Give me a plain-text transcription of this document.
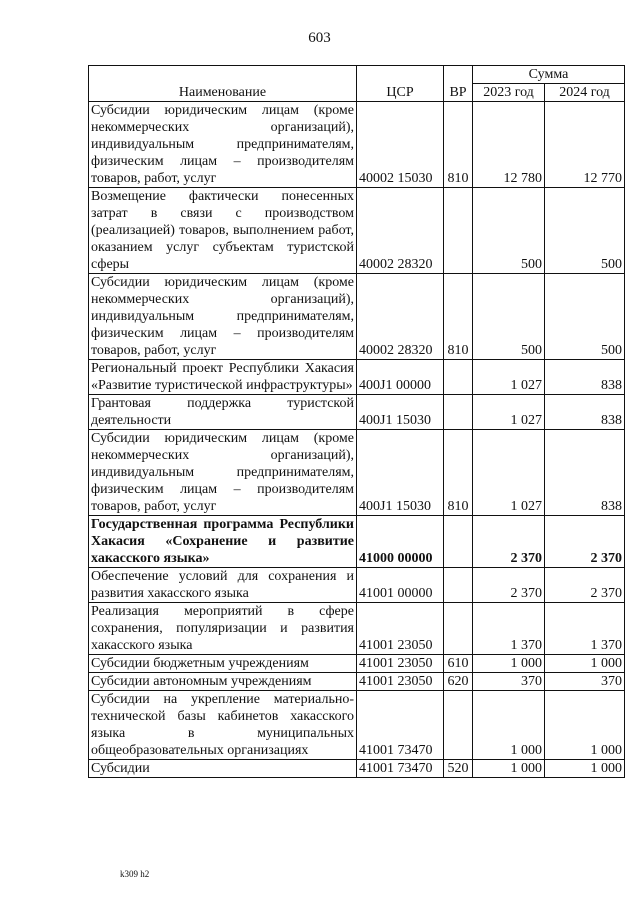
603
Наименование	ЦСР	ВР	Сумма	
			2023 год	2024 год
Субсидии юридическим лицам (кроме некоммерческих организаций), индивидуальным предпринимателям, физическим лицам – производителям товаров, работ, услуг	40002 15030	810	12 780	12 770
Возмещение фактически понесенных затрат в связи с производством (реализацией) товаров, выполнением работ, оказанием услуг субъектам туристской сферы	40002 28320		500	500
Субсидии юридическим лицам (кроме некоммерческих организаций), индивидуальным предпринимателям, физическим лицам – производителям товаров, работ, услуг	40002 28320	810	500	500
Региональный проект Республики Хакасия «Развитие туристической инфраструктуры»	400J1 00000		1 027	838
Грантовая поддержка туристской деятельности	400J1 15030		1 027	838
Субсидии юридическим лицам (кроме некоммерческих организаций), индивидуальным предпринимателям, физическим лицам – производителям товаров, работ, услуг	400J1 15030	810	1 027	838
Государственная программа Республики Хакасия «Сохранение и развитие хакасского языка»	41000 00000		2 370	2 370
Обеспечение условий для сохранения и развития хакасского языка	41001 00000		2 370	2 370
Реализация мероприятий в сфере сохранения, популяризации и развития хакасского языка	41001 23050		1 370	1 370
Субсидии бюджетным учреждениям	41001 23050	610	1 000	1 000
Субсидии автономным учреждениям	41001 23050	620	370	370
Субсидии на укрепление материально-технической базы кабинетов хакасского языка в муниципальных общеобразовательных организациях	41001 73470		1 000	1 000
Субсидии	41001 73470	520	1 000	1 000
k309 h2
